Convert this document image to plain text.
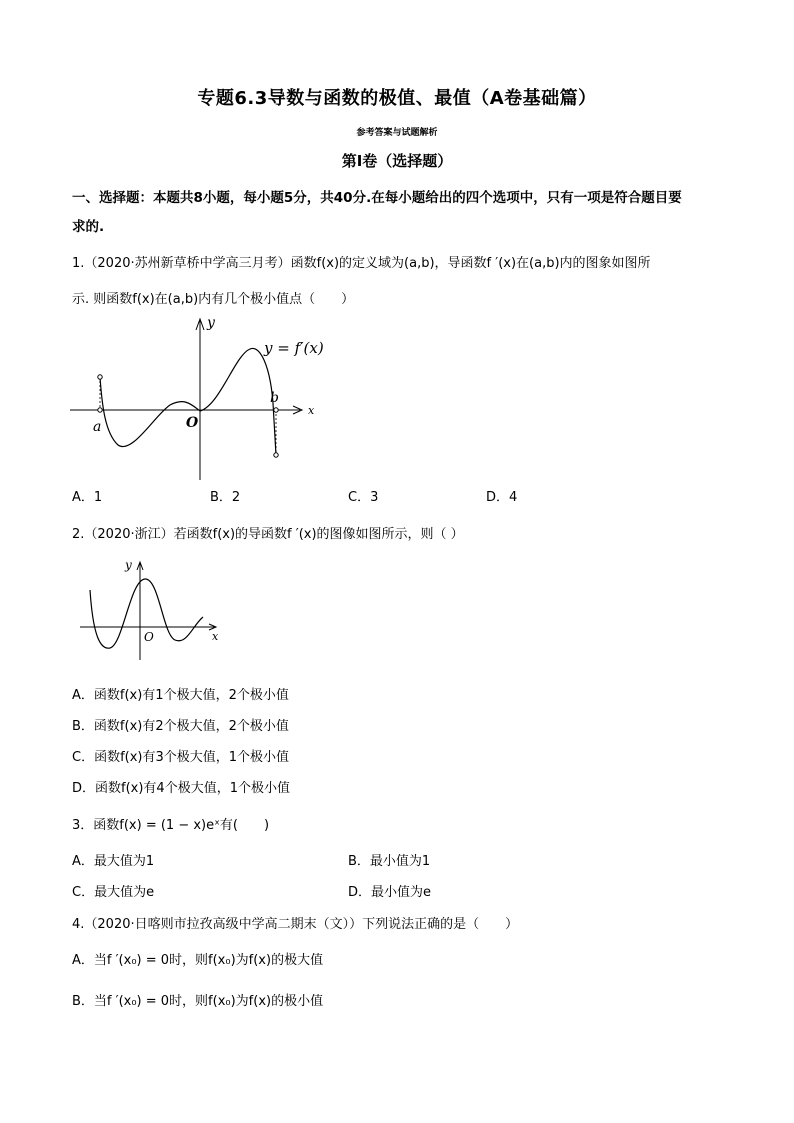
专题6.3导数与函数的极值、最值（A卷基础篇）
参考答案与试题解析
第Ⅰ卷（选择题）
一、选择题：本题共8小题，每小题5分，共40分.在每小题给出的四个选项中，只有一项是符合题目要
求的.
1.（2020·苏州新草桥中学高三月考）函数f(x)的定义域为(a,b)，导函数f ′(x)在(a,b)内的图象如图所
示. 则函数f(x)在(a,b)内有几个极小值点（　　）
y
x
y = f′(x)
a
b
O
A．1	B．2	C．3	D．4
2.（2020·浙江）若函数f(x)的导函数f ′(x)的图像如图所示，则（ ）
y
x
O
A．函数f(x)有1个极大值，2个极小值
B．函数f(x)有2个极大值，2个极小值
C．函数f(x)有3个极大值，1个极小值
D．函数f(x)有4个极大值，1个极小值
3．函数f(x) = (1 − x)eˣ有(　　)
A．最大值为1	B．最小值为1
C．最大值为e	D．最小值为e
4.（2020·日喀则市拉孜高级中学高二期末（文））下列说法正确的是（　　）
A．当f ′(x₀) = 0时，则f(x₀)为f(x)的极大值
B．当f ′(x₀) = 0时，则f(x₀)为f(x)的极小值
